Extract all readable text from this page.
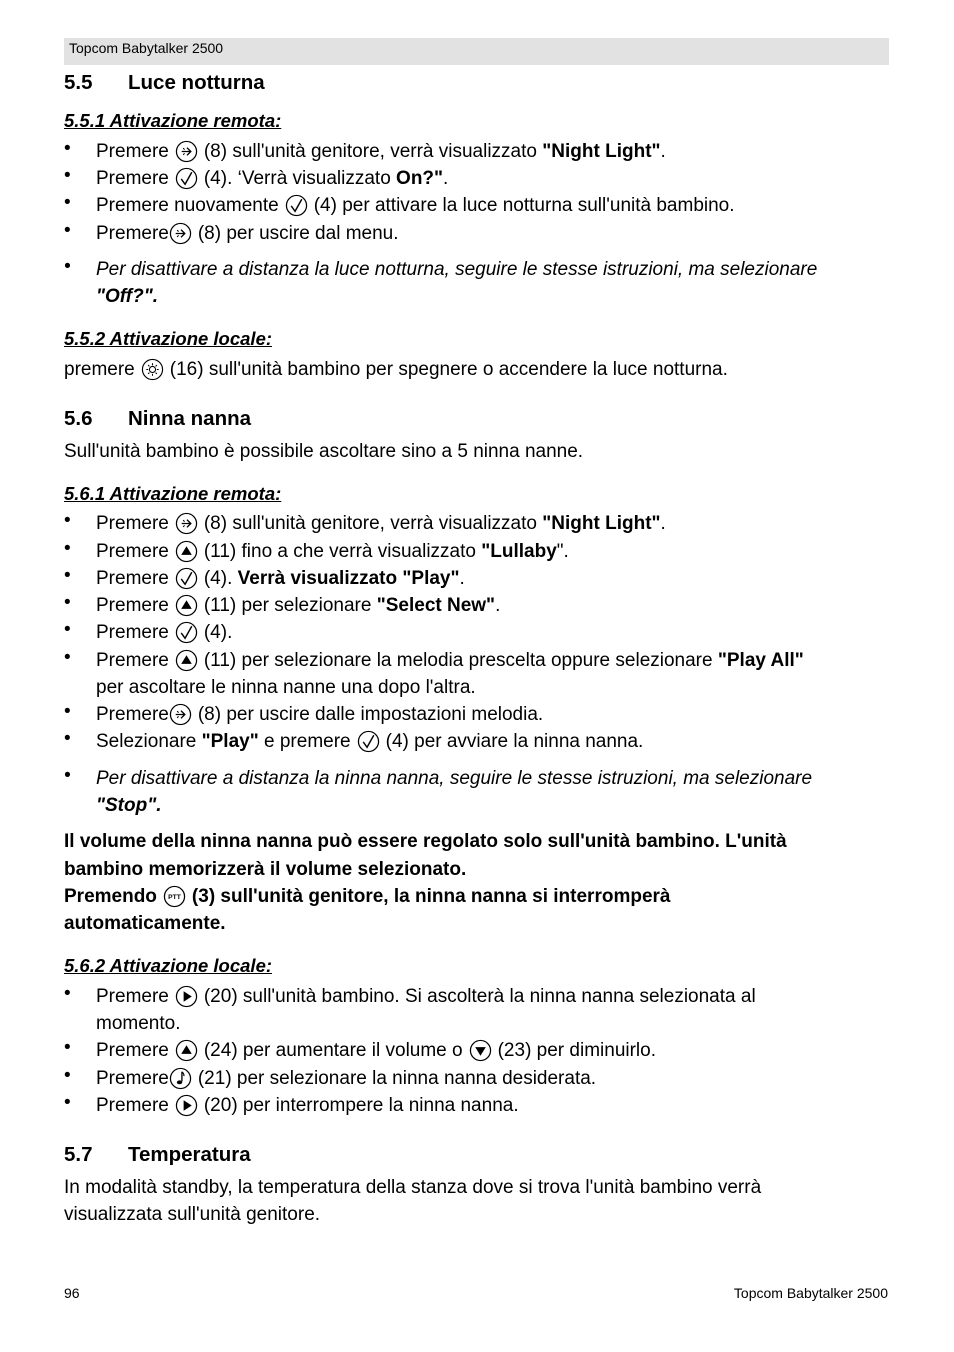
Topcom Babytalker 2500
5.5 Luce notturna
5.5.1 Attivazione remota:
• Premere (8) sull'unità genitore, verrà visualizzato "Night Light".
• Premere (4). ‘Verrà visualizzato On?".
• Premere nuovamente (4) per attivare la luce notturna sull'unità bambino.
• Premere (8) per uscire dal menu.
• Per disattivare a distanza la luce notturna, seguire le stesse istruzioni, ma selezionare
"Off?".
5.5.2 Attivazione locale:
premere (16) sull'unità bambino per spegnere o accendere la luce notturna.
5.6 Ninna nanna
Sull'unità bambino è possibile ascoltare sino a 5 ninna nanne.
5.6.1 Attivazione remota:
• Premere (8) sull'unità genitore, verrà visualizzato "Night Light".
• Premere (11) fino a che verrà visualizzato "Lullaby".
• Premere (4). Verrà visualizzato "Play".
• Premere (11) per selezionare "Select New".
• Premere (4).
• Premere (11) per selezionare la melodia prescelta oppure selezionare "Play All"
per ascoltare le ninna nanne una dopo l'altra.
• Premere (8) per uscire dalle impostazioni melodia.
• Selezionare "Play" e premere (4) per avviare la ninna nanna.
• Per disattivare a distanza la ninna nanna, seguire le stesse istruzioni, ma selezionare
"Stop".
Il volume della ninna nanna può essere regolato solo sull'unità bambino. L'unità
bambino memorizzerà il volume selezionato.
Premendo PTT (3) sull'unità genitore, la ninna nanna si interromperà
automaticamente.
5.6.2 Attivazione locale:
• Premere (20) sull'unità bambino. Si ascolterà la ninna nanna selezionata al
momento.
• Premere (24) per aumentare il volume o (23) per diminuirlo.
• Premere (21) per selezionare la ninna nanna desiderata.
• Premere (20) per interrompere la ninna nanna.
5.7 Temperatura
In modalità standby, la temperatura della stanza dove si trova l'unità bambino verrà
visualizzata sull'unità genitore.
96	Topcom Babytalker 2500
